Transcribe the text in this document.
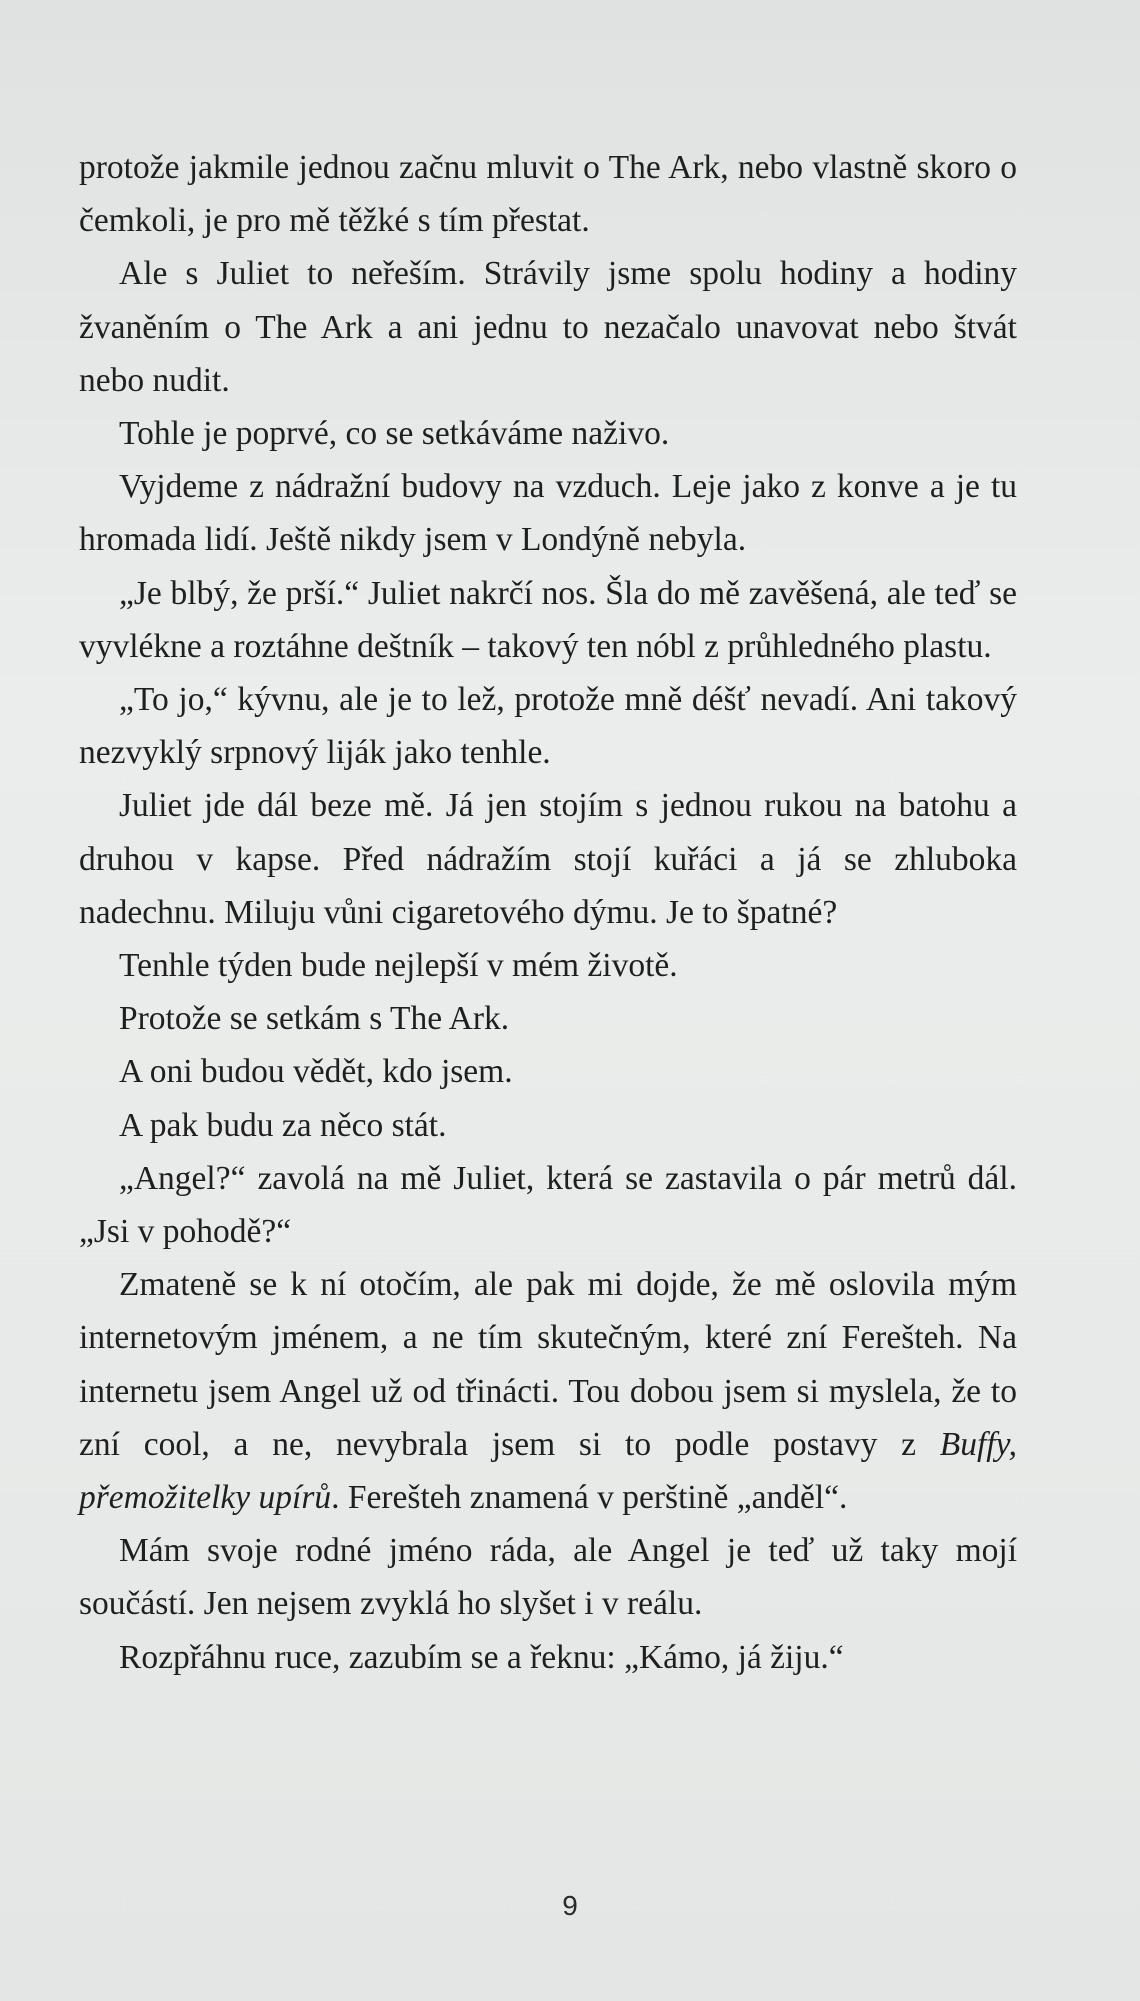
protože jakmile jednou začnu mluvit o The Ark, nebo vlastně skoro o čemkoli, je pro mě těžké s tím přestat.

Ale s Juliet to neřeším. Strávily jsme spolu hodiny a hodiny žvaněním o The Ark a ani jednu to nezačalo unavovat nebo štvát nebo nudit.

Tohle je poprvé, co se setkáváme naživo.

Vyjdeme z nádražní budovy na vzduch. Leje jako z konve a je tu hromada lidí. Ještě nikdy jsem v Londýně nebyla.

„Je blbý, že prší.“ Juliet nakrčí nos. Šla do mě zavěšená, ale teď se vyvlékne a roztáhne deštník – takový ten nóbl z průhledného plastu.

„To jo,“ kývnu, ale je to lež, protože mně déšť nevadí. Ani takový nezvyklý srpnový liják jako tenhle.

Juliet jde dál beze mě. Já jen stojím s jednou rukou na batohu a druhou v kapse. Před nádražím stojí kuřáci a já se zhluboka nadechnu. Miluju vůni cigaretového dýmu. Je to špatné?

Tenhle týden bude nejlepší v mém životě.

Protože se setkám s The Ark.

A oni budou vědět, kdo jsem.

A pak budu za něco stát.

„Angel?“ zavolá na mě Juliet, která se zastavila o pár metrů dál. „Jsi v pohodě?“

Zmateně se k ní otočím, ale pak mi dojde, že mě oslovila mým internetovým jménem, a ne tím skutečným, které zní Ferešteh. Na internetu jsem Angel už od třinácti. Tou dobou jsem si myslela, že to zní cool, a ne, nevybrala jsem si to podle postavy z Buffy, přemožitelky upírů. Ferešteh znamená v perštině „anděl“.

Mám svoje rodné jméno ráda, ale Angel je teď už taky mojí součástí. Jen nejsem zvyklá ho slyšet i v reálu.

Rozpřáhnu ruce, zazubím se a řeknu: „Kámo, já žiju.“

9
